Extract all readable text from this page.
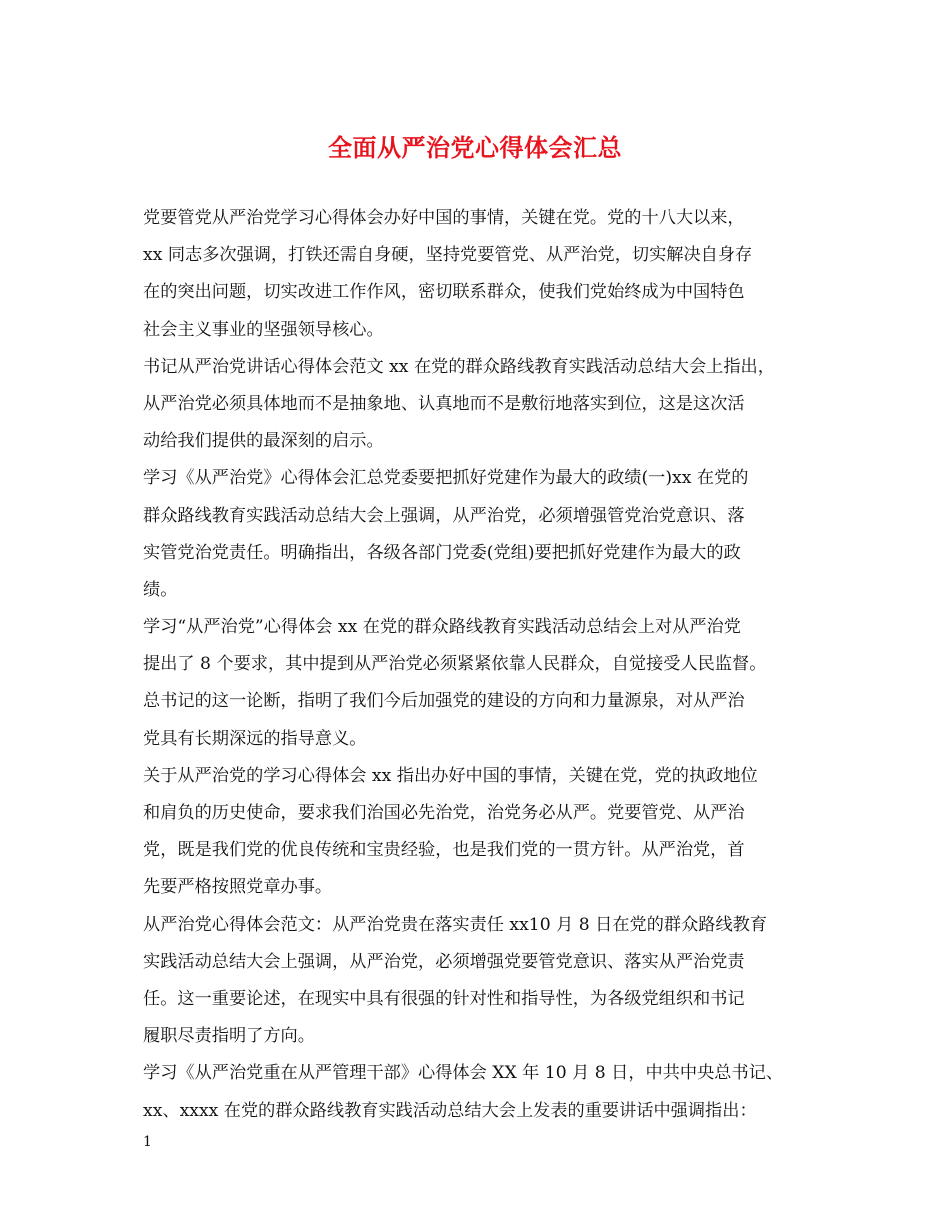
全面从严治党心得体会汇总
党要管党从严治党学习心得体会办好中国的事情，关键在党。党的十八大以来，
xx 同志多次强调，打铁还需自身硬，坚持党要管党、从严治党，切实解决自身存
在的突出问题，切实改进工作作风，密切联系群众，使我们党始终成为中国特色
社会主义事业的坚强领导核心。
书记从严治党讲话心得体会范文 xx 在党的群众路线教育实践活动总结大会上指出，
从严治党必须具体地而不是抽象地、认真地而不是敷衍地落实到位，这是这次活
动给我们提供的最深刻的启示。
学习《从严治党》心得体会汇总党委要把抓好党建作为最大的政绩(一)xx 在党的
群众路线教育实践活动总结大会上强调，从严治党，必须增强管党治党意识、落
实管党治党责任。明确指出，各级各部门党委(党组)要把抓好党建作为最大的政
绩。
学习“从严治党”心得体会 xx 在党的群众路线教育实践活动总结会上对从严治党
提出了 8 个要求，其中提到从严治党必须紧紧依靠人民群众，自觉接受人民监督。
总书记的这一论断，指明了我们今后加强党的建设的方向和力量源泉，对从严治
党具有长期深远的指导意义。
关于从严治党的学习心得体会 xx 指出办好中国的事情，关键在党，党的执政地位
和肩负的历史使命，要求我们治国必先治党，治党务必从严。党要管党、从严治
党，既是我们党的优良传统和宝贵经验，也是我们党的一贯方针。从严治党，首
先要严格按照党章办事。
从严治党心得体会范文：从严治党贵在落实责任 xx10 月 8 日在党的群众路线教育
实践活动总结大会上强调，从严治党，必须增强党要管党意识、落实从严治党责
任。这一重要论述，在现实中具有很强的针对性和指导性，为各级党组织和书记
履职尽责指明了方向。
学习《从严治党重在从严管理干部》心得体会 XX 年 10 月 8 日，中共中央总书记、
xx、xxxx 在党的群众路线教育实践活动总结大会上发表的重要讲话中强调指出：
1
